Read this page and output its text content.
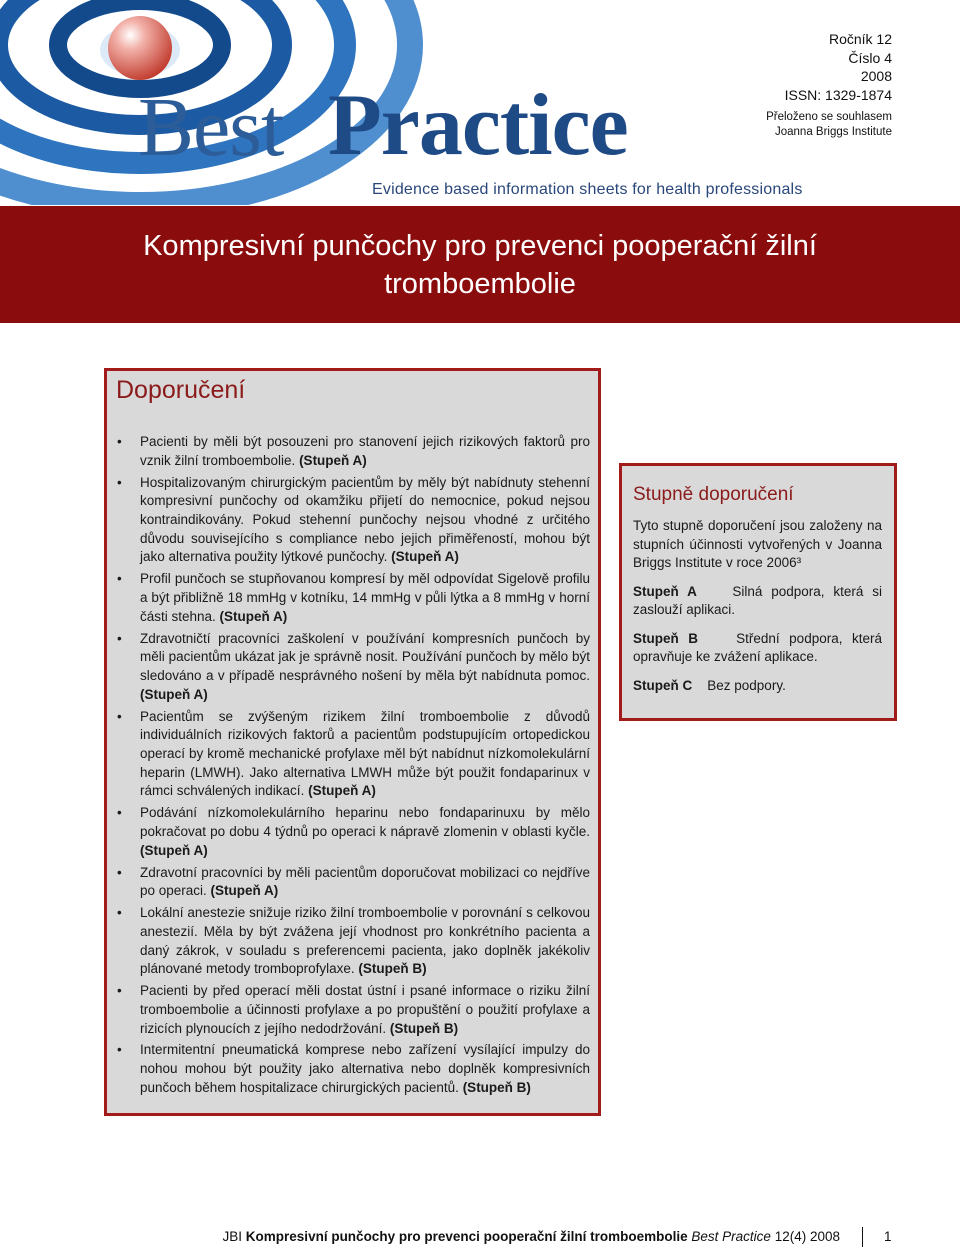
Best Practice
Evidence based information sheets for health professionals
Ročník 12
Číslo 4
2008
ISSN: 1329-1874
Přeloženo se souhlasem
Joanna Briggs Institute
Kompresivní punčochy pro prevenci pooperační žilní tromboembolie
Doporučení
• Pacienti by měli být posouzeni pro stanovení jejich rizikových faktorů pro vznik žilní tromboembolie. (Stupeň A)
• Hospitalizovaným chirurgickým pacientům by měly být nabídnuty stehenní kompresivní punčochy od okamžiku přijetí do nemocnice, pokud nejsou kontraindikovány. Pokud stehenní punčochy nejsou vhodné z určitého důvodu souvisejícího s compliance nebo jejich přiměřeností, mohou být jako alternativa použity lýtkové punčochy. (Stupeň A)
• Profil punčoch se stupňovanou kompresí by měl odpovídat Sigelově profilu a být přibližně 18 mmHg v kotníku, 14 mmHg v půli lýtka a 8 mmHg v horní části stehna. (Stupeň A)
• Zdravotničtí pracovníci zaškolení v používání kompresních punčoch by měli pacientům ukázat jak je správně nosit. Používání punčoch by mělo být sledováno a v případě nesprávného nošení by měla být nabídnuta pomoc. (Stupeň A)
• Pacientům se zvýšeným rizikem žilní tromboembolie z důvodů individuálních rizikových faktorů a pacientům podstupujícím ortopedickou operací by kromě mechanické profylaxe měl být nabídnut nízkomolekulární heparin (LMWH). Jako alternativa LMWH může být použit fondaparinux v rámci schválených indikací. (Stupeň A)
• Podávání nízkomolekulárního heparinu nebo fondaparinuxu by mělo pokračovat po dobu 4 týdnů po operaci k nápravě zlomenin v oblasti kyčle. (Stupeň A)
• Zdravotní pracovníci by měli pacientům doporučovat mobilizaci co nejdříve po operaci. (Stupeň A)
• Lokální anestezie snižuje riziko žilní tromboembolie v porovnání s celkovou anestezií. Měla by být zvážena její vhodnost pro konkrétního pacienta a daný zákrok, v souladu s preferencemi pacienta, jako doplněk jakékoliv plánované metody tromboprofylaxe. (Stupeň B)
• Pacienti by před operací měli dostat ústní i psané informace o riziku žilní tromboembolie a účinnosti profylaxe a po propuštění o použití profylaxe a rizicích plynoucích z jejího nedodržování. (Stupeň B)
• Intermitentní pneumatická komprese nebo zařízení vysílající impulzy do nohou mohou být použity jako alternativa nebo doplněk kompresivních punčoch během hospitalizace chirurgických pacientů. (Stupeň B)
Stupně doporučení

Tyto stupně doporučení jsou založeny na stupních účinnosti vytvořených v Joanna Briggs Institute v roce 2006³

Stupeň A	Silná podpora, která si zaslouží aplikaci.

Stupeň B	Střední podpora, která opravňuje ke zvážení aplikace.

Stupeň C Bez podpory.

JBI Kompresivní punčochy pro prevenci pooperační žilní tromboembolie Best Practice 12(4) 2008	1
